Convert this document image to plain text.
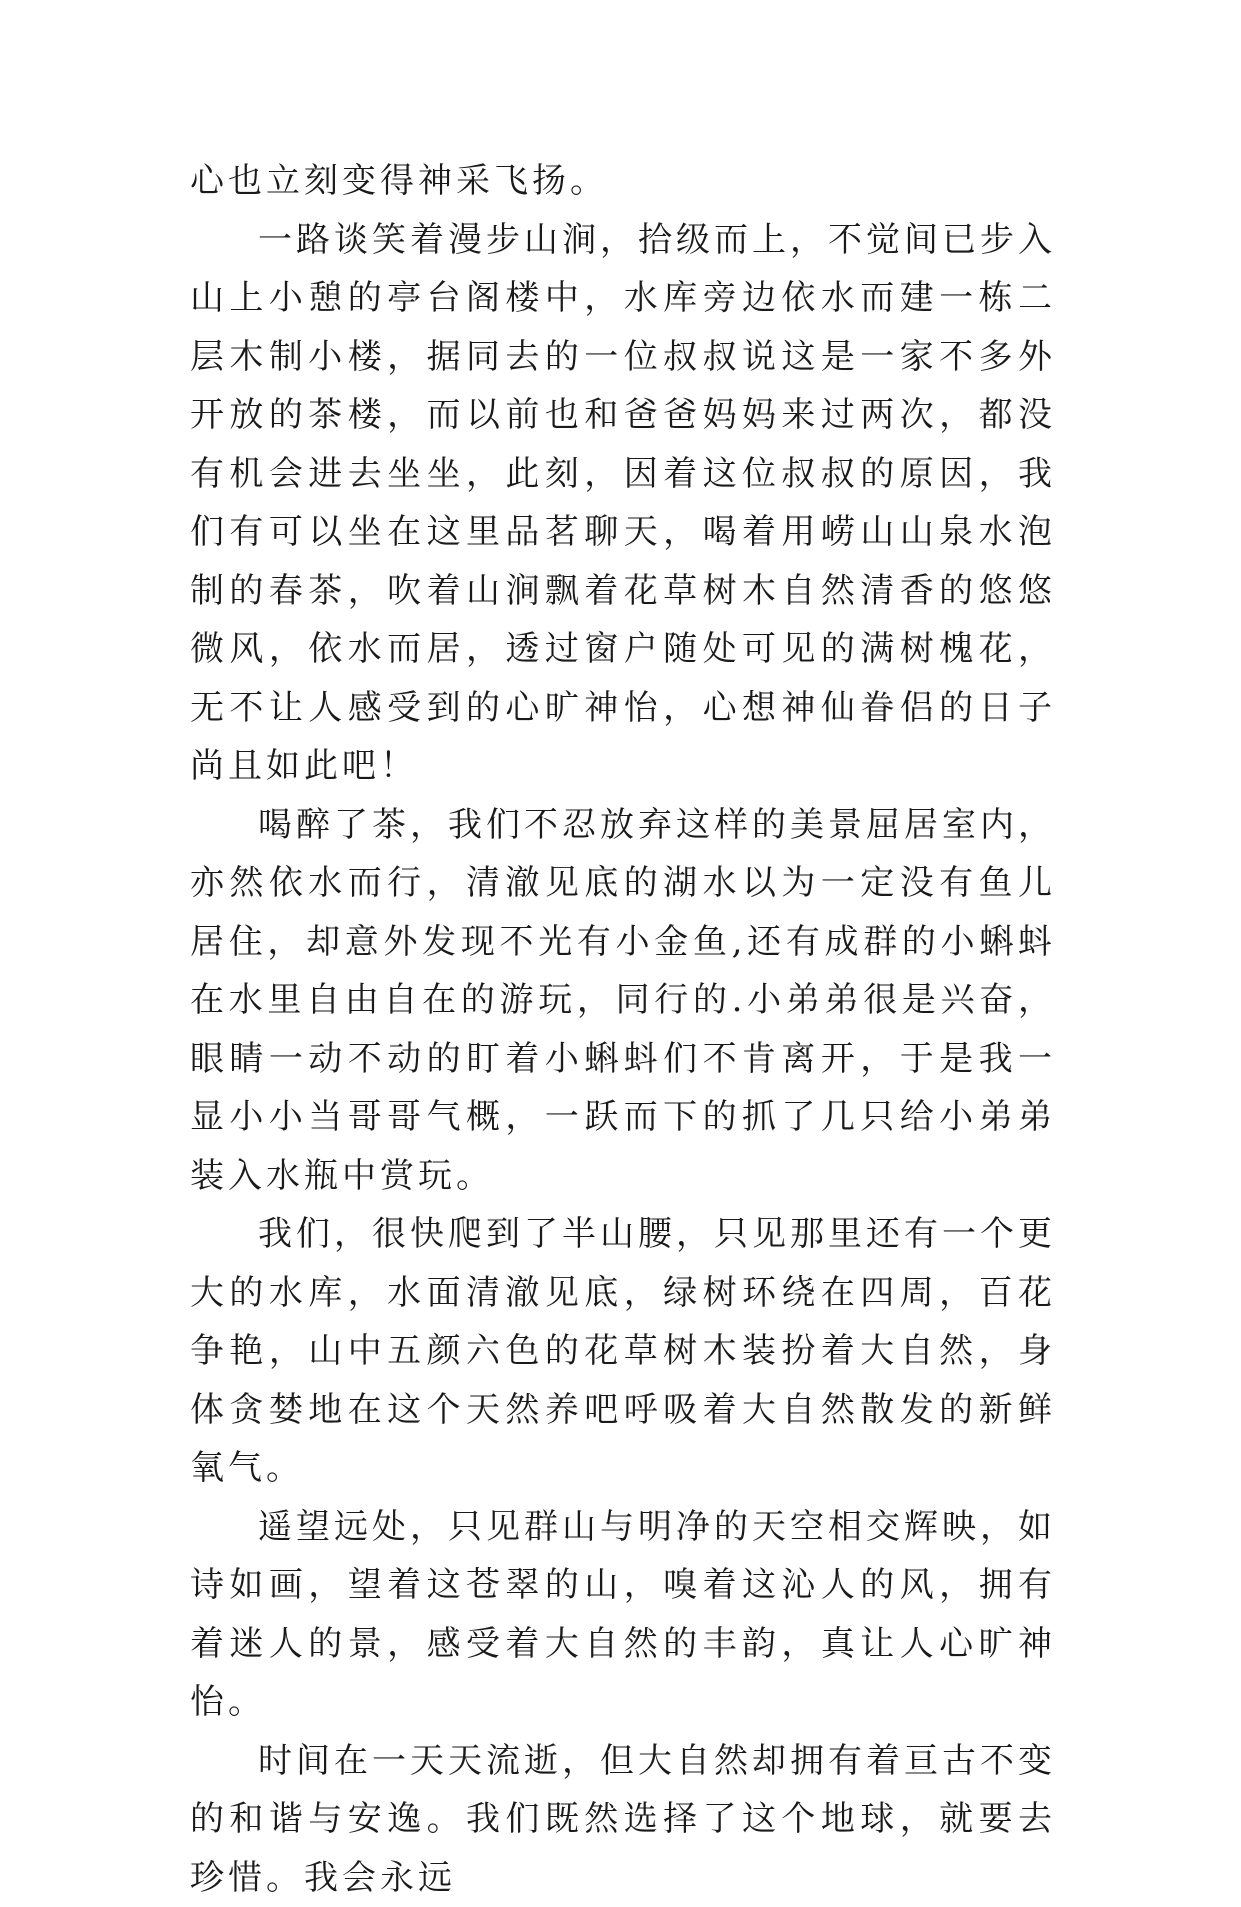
心也立刻变得神采飞扬。

一路谈笑着漫步山涧，拾级而上，不觉间已步入山上小憩的亭台阁楼中，水库旁边依水而建一栋二层木制小楼，据同去的一位叔叔说这是一家不多外开放的茶楼，而以前也和爸爸妈妈来过两次，都没有机会进去坐坐，此刻，因着这位叔叔的原因，我们有可以坐在这里品茗聊天，喝着用崂山山泉水泡制的春茶，吹着山涧飘着花草树木自然清香的悠悠微风，依水而居，透过窗户随处可见的满树槐花，无不让人感受到的心旷神怡，心想神仙眷侣的日子尚且如此吧！

喝醉了茶，我们不忍放弃这样的美景屈居室内，亦然依水而行，清澈见底的湖水以为一定没有鱼儿居住，却意外发现不光有小金鱼,还有成群的小蝌蚪在水里自由自在的游玩，同行的.小弟弟很是兴奋，眼睛一动不动的盯着小蝌蚪们不肯离开，于是我一显小小当哥哥气概，一跃而下的抓了几只给小弟弟装入水瓶中赏玩。

我们，很快爬到了半山腰，只见那里还有一个更大的水库，水面清澈见底，绿树环绕在四周，百花争艳，山中五颜六色的花草树木装扮着大自然，身体贪婪地在这个天然养吧呼吸着大自然散发的新鲜氧气。

遥望远处，只见群山与明净的天空相交辉映，如诗如画，望着这苍翠的山，嗅着这沁人的风，拥有着迷人的景，感受着大自然的丰韵，真让人心旷神怡。

时间在一天天流逝，但大自然却拥有着亘古不变的和谐与安逸。我们既然选择了这个地球，就要去珍惜。我会永远
